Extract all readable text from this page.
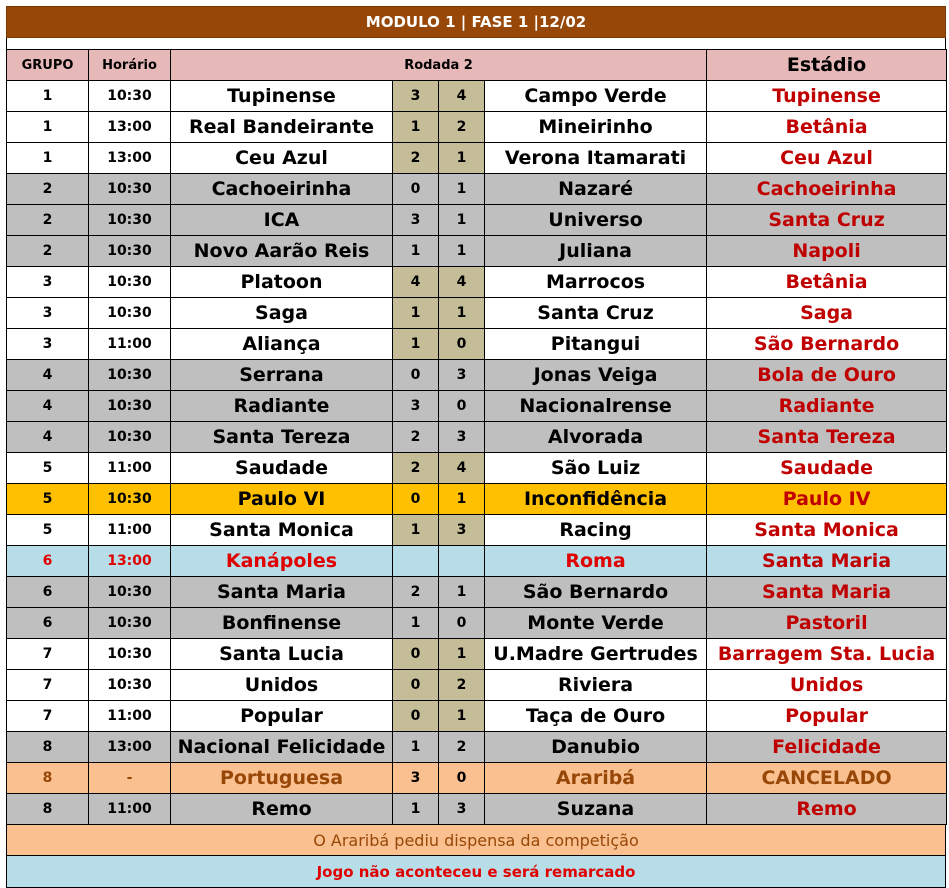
MODULO 1 | FASE 1 |12/02
GRUPO	Horário	Rodada 2				Estádio
1	10:30	Tupinense	3	4	Campo Verde	Tupinense
1	13:00	Real Bandeirante	1	2	Mineirinho	Betânia
1	13:00	Ceu Azul	2	1	Verona Itamarati	Ceu Azul
2	10:30	Cachoeirinha	0	1	Nazaré	Cachoeirinha
2	10:30	ICA	3	1	Universo	Santa Cruz
2	10:30	Novo Aarão Reis	1	1	Juliana	Napoli
3	10:30	Platoon	4	4	Marrocos	Betânia
3	10:30	Saga	1	1	Santa Cruz	Saga
3	11:00	Aliança	1	0	Pitangui	São Bernardo
4	10:30	Serrana	0	3	Jonas Veiga	Bola de Ouro
4	10:30	Radiante	3	0	Nacionalrense	Radiante
4	10:30	Santa Tereza	2	3	Alvorada	Santa Tereza
5	11:00	Saudade	2	4	São Luiz	Saudade
5	10:30	Paulo VI	0	1	Inconfidência	Paulo IV
5	11:00	Santa Monica	1	3	Racing	Santa Monica
6	13:00	Kanápoles			Roma	Santa Maria
6	10:30	Santa Maria	2	1	São Bernardo	Santa Maria
6	10:30	Bonfinense	1	0	Monte Verde	Pastoril
7	10:30	Santa Lucia	0	1	U.Madre Gertrudes	Barragem Sta. Lucia
7	10:30	Unidos	0	2	Riviera	Unidos
7	11:00	Popular	0	1	Taça de Ouro	Popular
8	13:00	Nacional Felicidade	1	2	Danubio	Felicidade
8	-	Portuguesa	3	0	Araribá	CANCELADO
8	11:00	Remo	1	3	Suzana	Remo
O Araribá pediu dispensa da competição
Jogo não aconteceu e será remarcado
